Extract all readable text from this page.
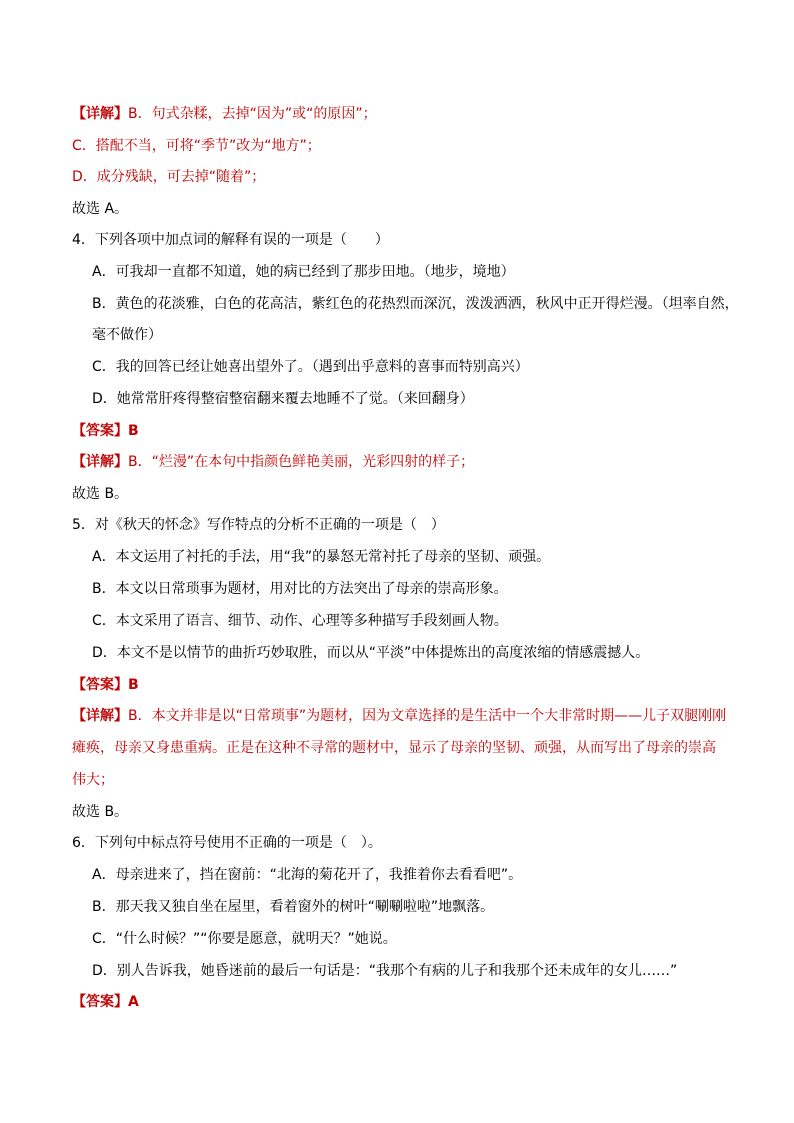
【详解】B．句式杂糅，去掉“因为”或“的原因”；
C．搭配不当，可将“季节”改为“地方”；
D．成分残缺，可去掉“随着”；
故选 A。
4．下列各项中加点词的解释有误的一项是（　　）
A．可我却一直都不知道，她的病已经到了那步田地。（地步，境地）
B．黄色的花淡雅，白色的花高洁，紫红色的花热烈而深沉，泼泼洒洒，秋风中正开得烂漫。（坦率自然，
毫不做作）
C．我的回答已经让她喜出望外了。（遇到出乎意料的喜事而特别高兴）
D．她常常肝疼得整宿整宿翻来覆去地睡不了觉。（来回翻身）
【答案】B
【详解】B．“烂漫”在本句中指颜色鲜艳美丽，光彩四射的样子；
故选 B。
5．对《秋天的怀念》写作特点的分析不正确的一项是（　）
A．本文运用了衬托的手法，用“我”的暴怒无常衬托了母亲的坚韧、顽强。
B．本文以日常琐事为题材，用对比的方法突出了母亲的崇高形象。
C．本文采用了语言、细节、动作、心理等多种描写手段刻画人物。
D．本文不是以情节的曲折巧妙取胜，而以从“平淡”中体提炼出的高度浓缩的情感震撼人。
【答案】B
【详解】B．本文并非是以“日常琐事”为题材，因为文章选择的是生活中一个大非常时期——儿子双腿刚刚
瘫痪，母亲又身患重病。正是在这种不寻常的题材中，显示了母亲的坚韧、顽强，从而写出了母亲的崇高
伟大；
故选 B。
6．下列句中标点符号使用不正确的一项是（　）。
A．母亲进来了，挡在窗前：“北海的菊花开了，我推着你去看看吧”。
B．那天我又独自坐在屋里，看着窗外的树叶“唰唰啦啦”地飘落。
C．“什么时候？”“你要是愿意，就明天？”她说。
D．别人告诉我，她昏迷前的最后一句话是：“我那个有病的儿子和我那个还未成年的女儿……”
【答案】A
